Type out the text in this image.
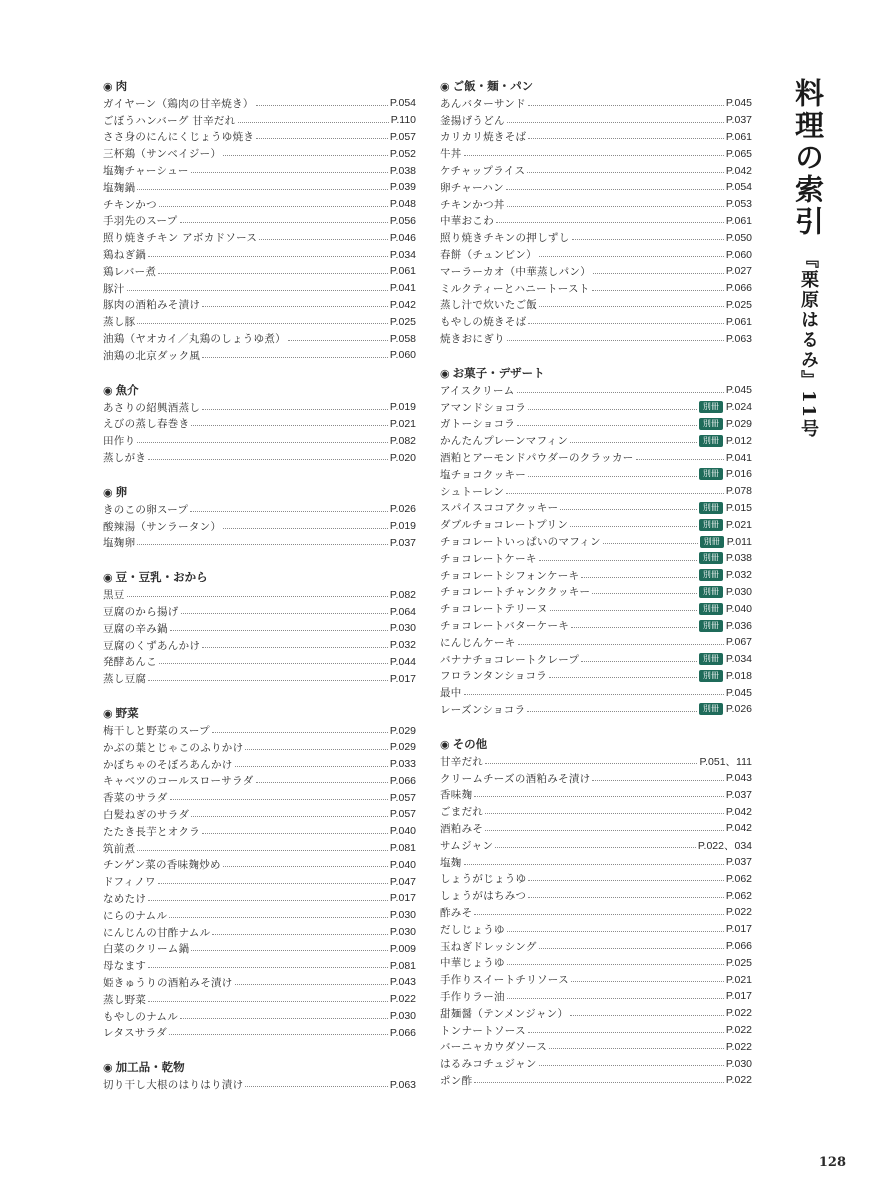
◉ 肉
ガイヤーン（鶏肉の甘辛焼き）	P.054
ごぼうハンバーグ 甘辛だれ	P.110
ささ身のにんにくじょうゆ焼き	P.057
三杯鶏（サンベイジー）	P.052
塩麹チャーシュー	P.038
塩麹鍋	P.039
チキンかつ	P.048
手羽先のスープ	P.056
照り焼きチキン アボカドソース	P.046
鶏ねぎ鍋	P.034
鶏レバー煮	P.061
豚汁	P.041
豚肉の酒粕みそ漬け	P.042
蒸し豚	P.025
油鶏（ヤオカイ／丸鶏のしょうゆ煮）	P.058
油鶏の北京ダック風	P.060
◉ 魚介
あさりの紹興酒蒸し	P.019
えびの蒸し春巻き	P.021
田作り	P.082
蒸しがき	P.020
◉ 卵
きのこの卵スープ	P.026
酸辣湯（サンラータン）	P.019
塩麹卵	P.037
◉ 豆・豆乳・おから
黒豆	P.082
豆腐のから揚げ	P.064
豆腐の辛み鍋	P.030
豆腐のくずあんかけ	P.032
発酵あんこ	P.044
蒸し豆腐	P.017
◉ 野菜
梅干しと野菜のスープ	P.029
かぶの葉とじゃこのふりかけ	P.029
かぼちゃのそぼろあんかけ	P.033
キャベツのコールスローサラダ	P.066
香菜のサラダ	P.057
白髪ねぎのサラダ	P.057
たたき長芋とオクラ	P.040
筑前煮	P.081
チンゲン菜の香味麹炒め	P.040
ドフィノワ	P.047
なめたけ	P.017
にらのナムル	P.030
にんじんの甘酢ナムル	P.030
白菜のクリーム鍋	P.009
母なます	P.081
姫きゅうりの酒粕みそ漬け	P.043
蒸し野菜	P.022
もやしのナムル	P.030
レタスサラダ	P.066
◉ 加工品・乾物
切り干し大根のはりはり漬け	P.063
◉ ご飯・麺・パン
あんバターサンド	P.045
釜揚げうどん	P.037
カリカリ焼きそば	P.061
牛丼	P.065
ケチャップライス	P.042
卵チャーハン	P.054
チキンかつ丼	P.053
中華おこわ	P.061
照り焼きチキンの押しずし	P.050
春餅（チュンビン）	P.060
マーラーカオ（中華蒸しパン）	P.027
ミルクティーとハニートースト	P.066
蒸し汁で炊いたご飯	P.025
もやしの焼きそば	P.061
焼きおにぎり	P.063
◉ お菓子・デザート
アイスクリーム	P.045
アマンドショコラ	別冊 P.024
ガトーショコラ	別冊 P.029
かんたんプレーンマフィン	別冊 P.012
酒粕とアーモンドパウダーのクラッカー	P.041
塩チョコクッキー	別冊 P.016
シュトーレン	P.078
スパイスココアクッキー	別冊 P.015
ダブルチョコレートプリン	別冊 P.021
チョコレートいっぱいのマフィン	別冊 P.011
チョコレートケーキ	別冊 P.038
チョコレートシフォンケーキ	別冊 P.032
チョコレートチャンククッキー	別冊 P.030
チョコレートテリーヌ	別冊 P.040
チョコレートバターケーキ	別冊 P.036
にんじんケーキ	P.067
バナナチョコレートクレープ	別冊 P.034
フロランタンショコラ	別冊 P.018
最中	P.045
レーズンショコラ	別冊 P.026
◉ その他
甘辛だれ	P.051、111
クリームチーズの酒粕みそ漬け	P.043
香味麹	P.037
ごまだれ	P.042
酒粕みそ	P.042
サムジャン	P.022、034
塩麹	P.037
しょうがじょうゆ	P.062
しょうがはちみつ	P.062
酢みそ	P.022
だしじょうゆ	P.017
玉ねぎドレッシング	P.066
中華じょうゆ	P.025
手作りスイートチリソース	P.021
手作りラー油	P.017
甜麺醤（テンメンジャン）	P.022
トンナートソース	P.022
バーニャカウダソース	P.022
はるみコチュジャン	P.030
ポン酢	P.022
料理の索引
『栗原はるみ』11号
128
